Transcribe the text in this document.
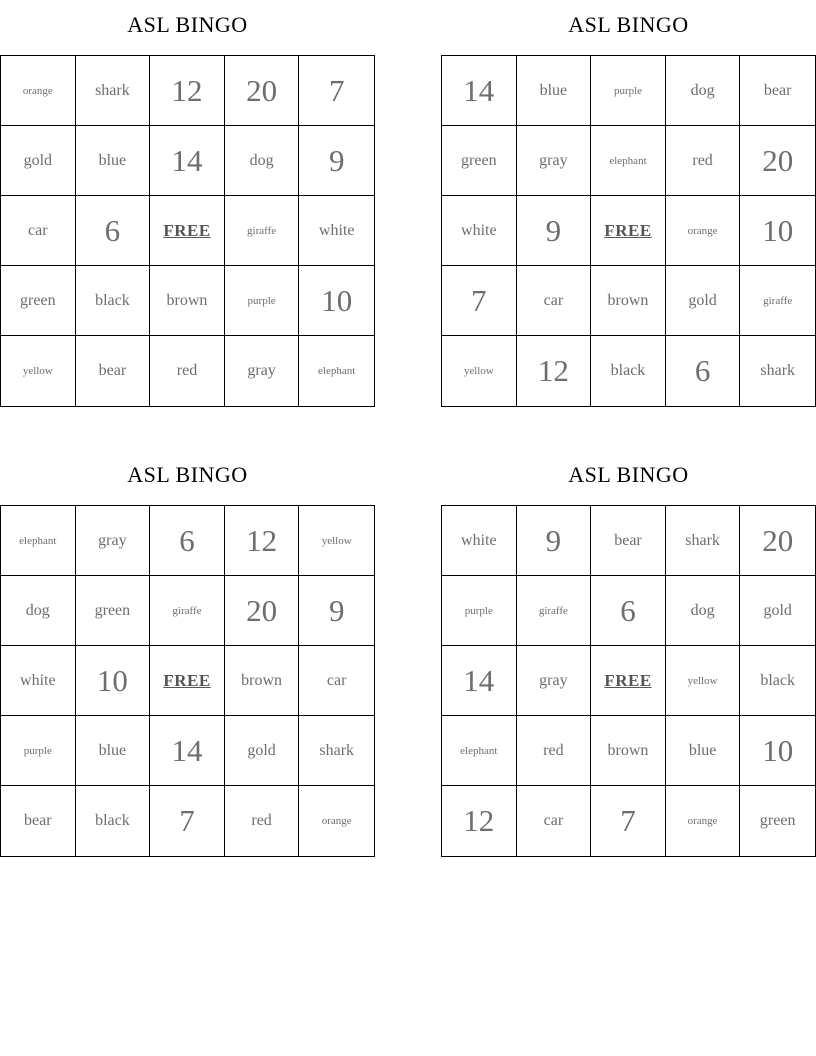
ASL BINGO
orange	shark	12	20	7
gold	blue	14	dog	9
car	6	FREE	giraffe	white
green	black	brown	purple	10
yellow	bear	red	gray	elephant
ASL BINGO
14	blue	purple	dog	bear
green	gray	elephant	red	20
white	9	FREE	orange	10
7	car	brown	gold	giraffe
yellow	12	black	6	shark
ASL BINGO
elephant	gray	6	12	yellow
dog	green	giraffe	20	9
white	10	FREE	brown	car
purple	blue	14	gold	shark
bear	black	7	red	orange
ASL BINGO
white	9	bear	shark	20
purple	giraffe	6	dog	gold
14	gray	FREE	yellow	black
elephant	red	brown	blue	10
12	car	7	orange	green
